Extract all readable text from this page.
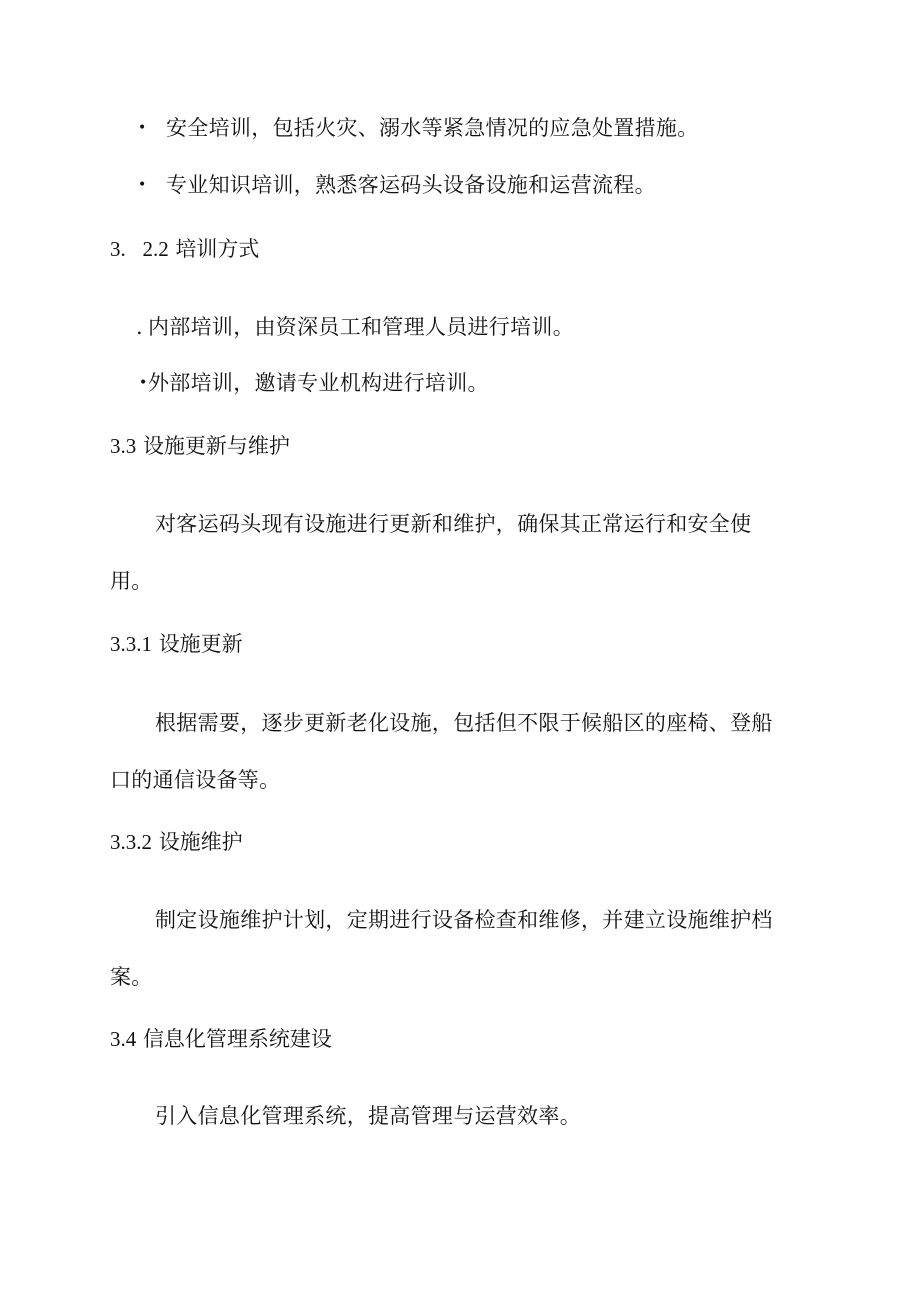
• 安全培训，包括火灾、溺水等紧急情况的应急处置措施。
• 专业知识培训，熟悉客运码头设备设施和运营流程。
3. 2.2 培训方式
. 内部培训，由资深员工和管理人员进行培训。
• 外部培训，邀请专业机构进行培训。
3.3 设施更新与维护
对客运码头现有设施进行更新和维护，确保其正常运行和安全使
用。
3.3.1 设施更新
根据需要，逐步更新老化设施，包括但不限于候船区的座椅、登船
口的通信设备等。
3.3.2 设施维护
制定设施维护计划，定期进行设备检查和维修，并建立设施维护档
案。
3.4 信息化管理系统建设
引入信息化管理系统，提高管理与运营效率。
